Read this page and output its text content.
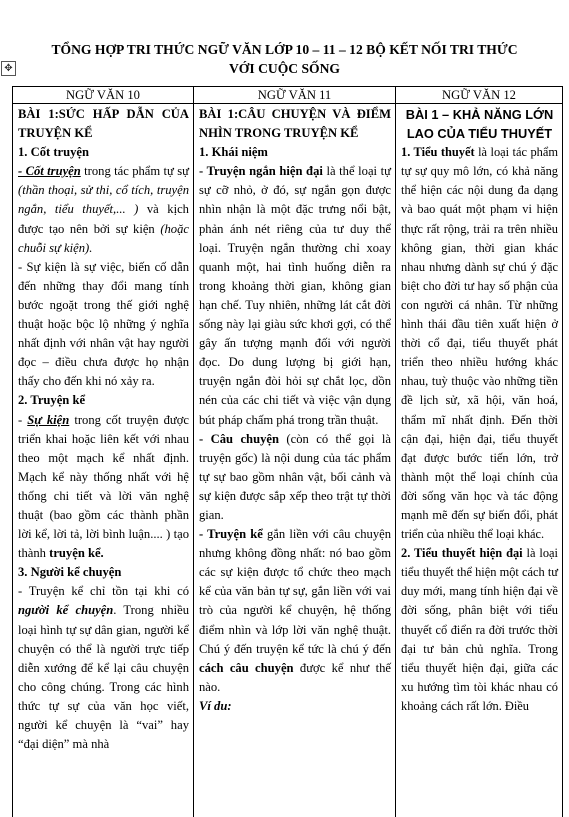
TỔNG HỢP TRI THỨC NGỮ VĂN LỚP 10 – 11 – 12 BỘ KẾT NỐI TRI THỨC
VỚI CUỘC SỐNG
✥
NGỮ VĂN 10	NGỮ VĂN 11	NGỮ VĂN 12

BÀI 1:SỨC HẤP DẪN CỦA TRUYỆN KỂ

1. Cốt truyện

- Cốt truyện trong tác phẩm tự sự (thần thoại, sử thi, cổ tích, truyện ngắn, tiểu thuyết,... ) và kịch được tạo nên bởi sự kiện (hoặc chuỗi sự kiện).

- Sự kiện là sự việc, biến cố dẫn đến những thay đổi mang tính bước ngoặt trong thế giới nghệ thuật hoặc bộc lộ những ý nghĩa nhất định với nhân vật hay người đọc – điều chưa được họ nhận thấy cho đến khi nó xảy ra.

2. Truyện kể

- Sự kiện trong cốt truyện được triển khai hoặc liên kết với nhau theo một mạch kể nhất định. Mạch kể này thống nhất với hệ thống chi tiết và lời văn nghệ thuật (bao gồm các thành phần lời kể, lời tả, lời bình luận.... ) tạo thành truyện kể.

3. Người kể chuyện

- Truyện kể chỉ tồn tại khi có người kể chuyện. Trong nhiều loại hình tự sự dân gian, người kể chuyện có thể là người trực tiếp diễn xướng để kể lại câu chuyện cho công chúng. Trong các hình thức tự sự của văn học viết, người kể chuyện là “vai” hay “đại diện” mà nhà

BÀI 1:CÂU CHUYỆN VÀ ĐIỂM NHÌN TRONG TRUYỆN KỂ

1. Khái niệm

- Truyện ngắn hiện đại là thể loại tự sự cỡ nhỏ, ở đó, sự ngắn gọn được nhìn nhận là một đặc trưng nổi bật, phản ánh nét riêng của tư duy thể loại. Truyện ngắn thường chỉ xoay quanh một, hai tình huống diễn ra trong khoảng thời gian, không gian hạn chế. Tuy nhiên, những lát cắt đời sống này lại giàu sức khơi gợi, có thể gây ấn tượng mạnh đối với người đọc. Do dung lượng bị giới hạn, truyện ngắn đòi hỏi sự chắt lọc, dồn nén của các chi tiết và việc vận dụng bút pháp chấm phá trong trần thuật.

- Câu chuyện (còn có thể gọi là truyện gốc) là nội dung của tác phẩm tự sự bao gồm nhân vật, bối cảnh và sự kiện được sắp xếp theo trật tự thời gian.

- Truyện kể gắn liền với câu chuyện nhưng không đồng nhất: nó bao gồm các sự kiện được tổ chức theo mạch kể của văn bản tự sự, gắn liền với vai trò của người kể chuyện, hệ thống điểm nhìn và lớp lời văn nghệ thuật. Chú ý đến truyện kể tức là chú ý đến cách câu chuyện được kể như thế nào.

Ví du:

BÀI 1 – KHẢ NĂNG LỚN LAO CỦA TIỂU THUYẾT

1. Tiểu thuyết là loại tác phẩm tự sự quy mô lớn, có khả năng thể hiện các nội dung đa dạng và bao quát một phạm vi hiện thực rất rộng, trải ra trên nhiều không gian, thời gian khác nhau nhưng dành sự chú ý đặc biệt cho đời tư hay số phận của con người cá nhân. Từ những hình thái đầu tiên xuất hiện ở thời cổ đại, tiểu thuyết phát triển theo nhiều hướng khác nhau, tuỳ thuộc vào những tiền đề lịch sử, xã hội, văn hoá, thẩm mĩ nhất định. Đến thời cận đại, hiện đại, tiểu thuyết đạt được bước tiến lớn, trở thành một thể loại chính của đời sống văn học và tác động mạnh mẽ đến sự biến đổi, phát triển của nhiều thể loại khác.

2. Tiểu thuyết hiện đại là loại tiểu thuyết thể hiện một cách tư duy mới, mang tính hiện đại về đời sống, phân biệt với tiểu thuyết cổ điển ra đời trước thời đại tư bản chủ nghĩa. Trong tiểu thuyết hiện đại, giữa các xu hướng tìm tòi khác nhau có khoảng cách rất lớn. Điều
